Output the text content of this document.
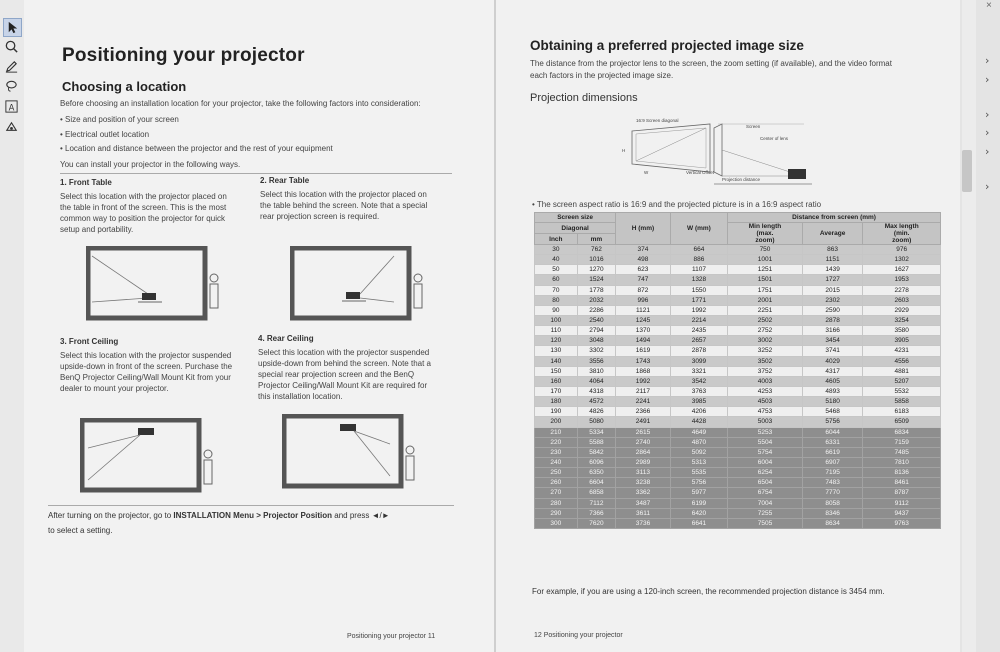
A
Positioning your projector
Choosing a location
Before choosing an installation location for your projector, take the following factors into consideration:
• Size and position of your screen
• Electrical outlet location
• Location and distance between the projector and the rest of your equipment
You can install your projector in the following ways.
1. Front Table
Select this location with the projector placed on
the table in front of the screen. This is the most
common way to position the projector for quick
setup and portability.
2. Rear Table
Select this location with the projector placed on
the table behind the screen. Note that a special
rear projection screen is required.
3. Front Ceiling
Select this location with the projector suspended
upside-down in front of the screen. Purchase the
BenQ Projector Ceiling/Wall Mount Kit from your
dealer to mount your projector.
4. Rear Ceiling
Select this location with the projector suspended
upside-down from behind the screen. Note that a
special rear projection screen and the BenQ
Projector Ceiling/Wall Mount Kit are required for
this installation location.
After turning on the projector, go to INSTALLATION Menu > Projector Position and press ◄/►
to select a setting.
Positioning your projector 11
Obtaining a preferred projected image size
The distance from the projector lens to the screen, the zoom setting (if available), and the video format
each factors in the projected image size.
Projection dimensions
16:9 Screen diagonal
Screen
Center of lens
H
W	Vertical Offset
Projection distance
• The screen aspect ratio is 16:9 and the projected picture is in a 16:9 aspect ratio
Screen size		H (mm)	W (mm)	Distance from screen (mm)		
Diagonal				Min length
(max.
zoom)	Average	Max length
(min.
zoom)
Inch	mm					
30	762	374	664	750	863	976
40	1016	498	886	1001	1151	1302
50	1270	623	1107	1251	1439	1627
60	1524	747	1328	1501	1727	1953
70	1778	872	1550	1751	2015	2278
80	2032	996	1771	2001	2302	2603
90	2286	1121	1992	2251	2590	2929
100	2540	1245	2214	2502	2878	3254
110	2794	1370	2435	2752	3166	3580
120	3048	1494	2657	3002	3454	3905
130	3302	1619	2878	3252	3741	4231
140	3556	1743	3099	3502	4029	4556
150	3810	1868	3321	3752	4317	4881
160	4064	1992	3542	4003	4605	5207
170	4318	2117	3763	4253	4893	5532
180	4572	2241	3985	4503	5180	5858
190	4826	2366	4206	4753	5468	6183
200	5080	2491	4428	5003	5756	6509
210	5334	2615	4649	5253	6044	6834
220	5588	2740	4870	5504	6331	7159
230	5842	2864	5092	5754	6619	7485
240	6096	2989	5313	6004	6907	7810
250	6350	3113	5535	6254	7195	8136
260	6604	3238	5756	6504	7483	8461
270	6858	3362	5977	6754	7770	8787
280	7112	3487	6199	7004	8058	9112
290	7366	3611	6420	7255	8346	9437
300	7620	3736	6641	7505	8634	9763
For example, if you are using a 120-inch screen, the recommended projection distance is 3454 mm.
12 Positioning your projector
×
›
›
›
›
›
›
